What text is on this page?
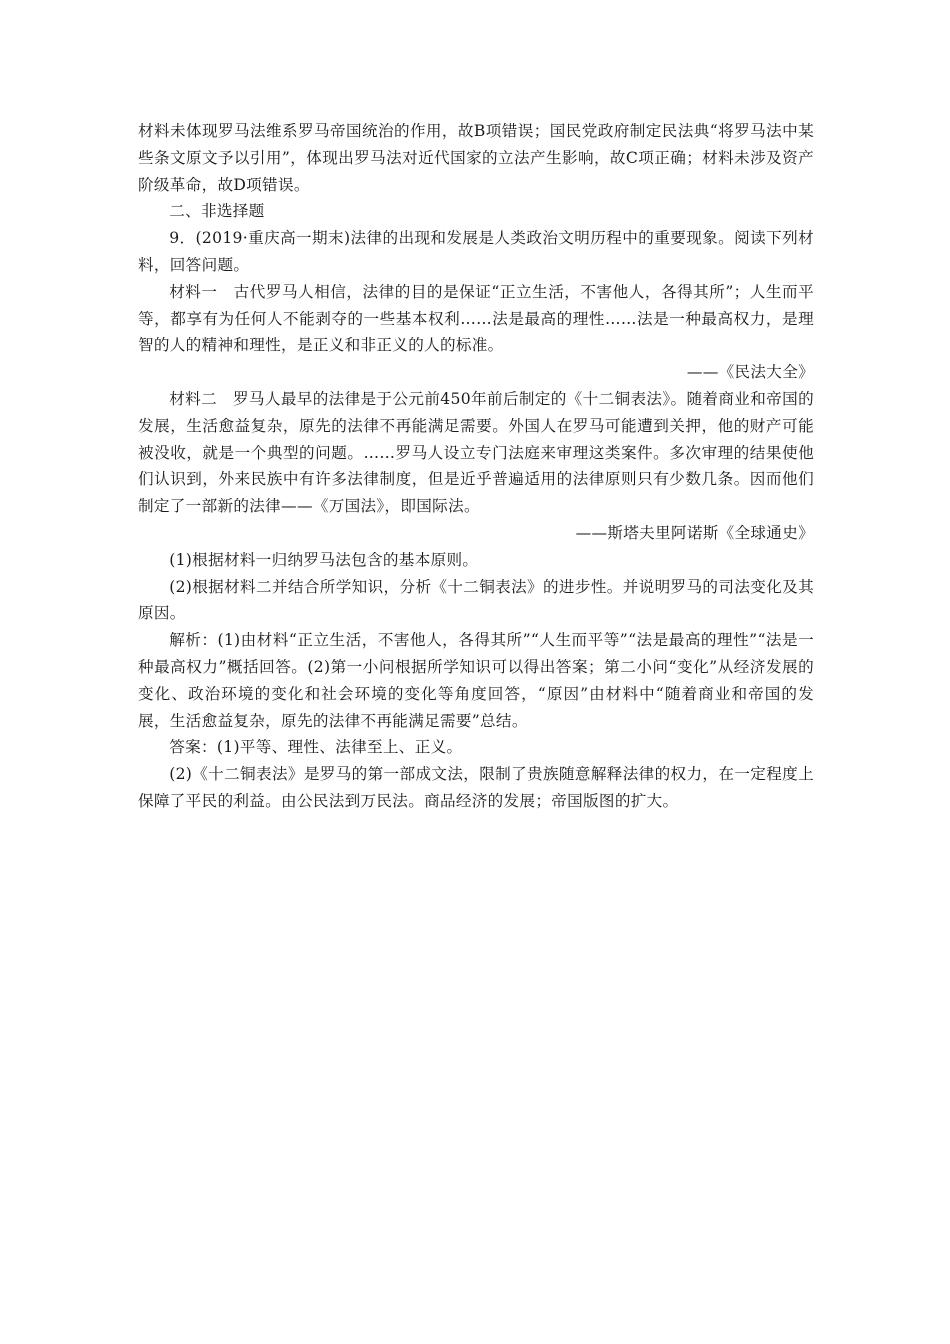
材料未体现罗马法维系罗马帝国统治的作用，故B项错误；国民党政府制定民法典“将罗马法中某些条文原文予以引用”，体现出罗马法对近代国家的立法产生影响，故C项正确；材料未涉及资产阶级革命，故D项错误。

二、非选择题

9．(2019·重庆高一期末)法律的出现和发展是人类政治文明历程中的重要现象。阅读下列材料，回答问题。

材料一　古代罗马人相信，法律的目的是保证“正立生活，不害他人，各得其所”；人生而平等，都享有为任何人不能剥夺的一些基本权利……法是最高的理性……法是一种最高权力，是理智的人的精神和理性，是正义和非正义的人的标准。

——《民法大全》

材料二　罗马人最早的法律是于公元前450年前后制定的《十二铜表法》。随着商业和帝国的发展，生活愈益复杂，原先的法律不再能满足需要。外国人在罗马可能遭到关押，他的财产可能被没收，就是一个典型的问题。……罗马人设立专门法庭来审理这类案件。多次审理的结果使他们认识到，外来民族中有许多法律制度，但是近乎普遍适用的法律原则只有少数几条。因而他们制定了一部新的法律——《万国法》，即国际法。

——斯塔夫里阿诺斯《全球通史》

(1)根据材料一归纳罗马法包含的基本原则。

(2)根据材料二并结合所学知识，分析《十二铜表法》的进步性。并说明罗马的司法变化及其原因。

解析：(1)由材料“正立生活，不害他人，各得其所”“人生而平等”“法是最高的理性”“法是一种最高权力”概括回答。(2)第一小问根据所学知识可以得出答案；第二小问“变化”从经济发展的变化、政治环境的变化和社会环境的变化等角度回答，“原因”由材料中“随着商业和帝国的发展，生活愈益复杂，原先的法律不再能满足需要”总结。

答案：(1)平等、理性、法律至上、正义。

(2)《十二铜表法》是罗马的第一部成文法，限制了贵族随意解释法律的权力，在一定程度上保障了平民的利益。由公民法到万民法。商品经济的发展；帝国版图的扩大。
